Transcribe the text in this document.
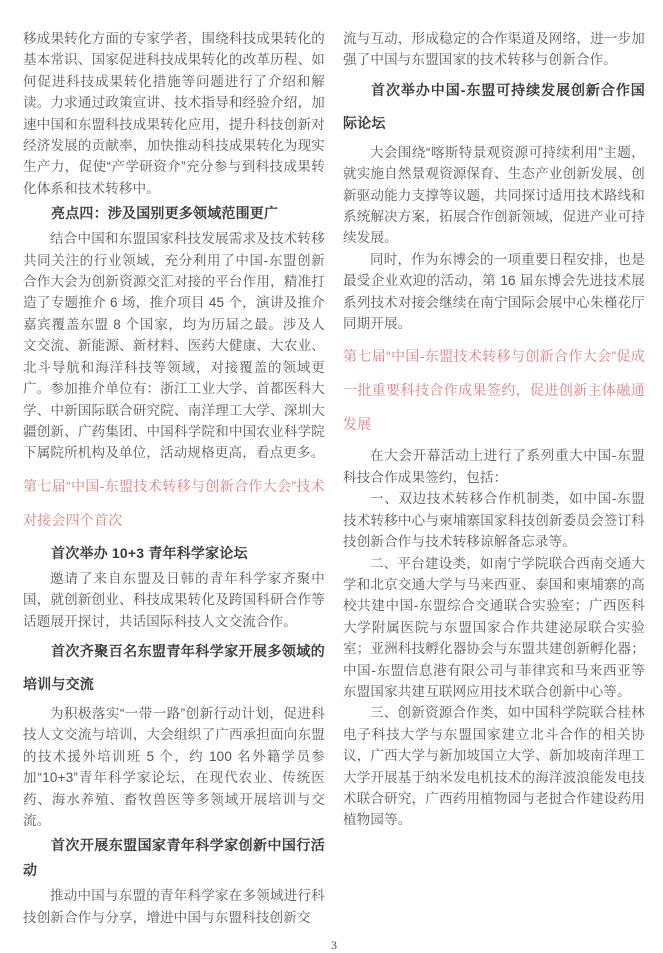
移成果转化方面的专家学者，围绕科技成果转化的基本常识、国家促进科技成果转化的改革历程、如何促进科技成果转化措施等问题进行了介绍和解读。力求通过政策宣讲、技术指导和经验介绍，加速中国和东盟科技成果转化应用，提升科技创新对经济发展的贡献率，加快推动科技成果转化为现实生产力，促使“产学研资介”充分参与到科技成果转化体系和技术转移中。

亮点四：涉及国别更多领域范围更广

结合中国和东盟国家科技发展需求及技术转移共同关注的行业领域，充分利用了中国-东盟创新合作大会为创新资源交汇对接的平台作用，精准打造了专题推介 6 场，推介项目 45 个，演讲及推介嘉宾覆盖东盟 8 个国家，均为历届之最。涉及人文交流、新能源、新材料、医药大健康、大农业、北斗导航和海洋科技等领域，对接覆盖的领域更广。参加推介单位有：浙江工业大学、首都医科大学、中新国际联合研究院、南洋理工大学、深圳大疆创新、广药集团、中国科学院和中国农业科学院下属院所机构及单位，活动规格更高，看点更多。

第七届“中国-东盟技术转移与创新合作大会”技术对接会四个首次

首次举办 10+3 青年科学家论坛

邀请了来自东盟及日韩的青年科学家齐聚中国，就创新创业、科技成果转化及跨国科研合作等话题展开探讨，共话国际科技人文交流合作。

首次齐聚百名东盟青年科学家开展多领域的培训与交流

为积极落实“一带一路”创新行动计划，促进科技人文交流与培训，大会组织了广西承担面向东盟的技术援外培训班 5 个，约 100 名外籍学员参加“10+3”青年科学家论坛，在现代农业、传统医药、海水养殖、畜牧兽医等多领域开展培训与交流。

首次开展东盟国家青年科学家创新中国行活动

推动中国与东盟的青年科学家在多领域进行科技创新合作与分享，增进中国与东盟科技创新交

流与互动，形成稳定的合作渠道及网络，进一步加强了中国与东盟国家的技术转移与创新合作。

首次举办中国-东盟可持续发展创新合作国际论坛

大会围绕“喀斯特景观资源可持续利用”主题，就实施自然景观资源保育、生态产业创新发展、创新驱动能力支撑等议题，共同探讨适用技术路线和系统解决方案，拓展合作创新领域，促进产业可持续发展。

同时，作为东博会的一项重要日程安排，也是最受企业欢迎的活动，第 16 届东博会先进技术展系列技术对接会继续在南宁国际会展中心朱槿花厅同期开展。

第七届“中国-东盟技术转移与创新合作大会”促成一批重要科技合作成果签约，促进创新主体融通发展

在大会开幕活动上进行了系列重大中国-东盟科技合作成果签约，包括：

一、双边技术转移合作机制类，如中国-东盟技术转移中心与柬埔寨国家科技创新委员会签订科技创新合作与技术转移谅解备忘录等。

二、平台建设类，如南宁学院联合西南交通大学和北京交通大学与马来西亚、泰国和柬埔寨的高校共建中国-东盟综合交通联合实验室；广西医科大学附属医院与东盟国家合作共建泌尿联合实验室；亚洲科技孵化器协会与东盟共建创新孵化器；中国-东盟信息港有限公司与菲律宾和马来西亚等东盟国家共建互联网应用技术联合创新中心等。

三、创新资源合作类，如中国科学院联合桂林电子科技大学与东盟国家建立北斗合作的相关协议，广西大学与新加坡国立大学、新加坡南洋理工大学开展基于纳米发电机技术的海洋波浪能发电技术联合研究，广西药用植物园与老挝合作建设药用植物园等。

3
